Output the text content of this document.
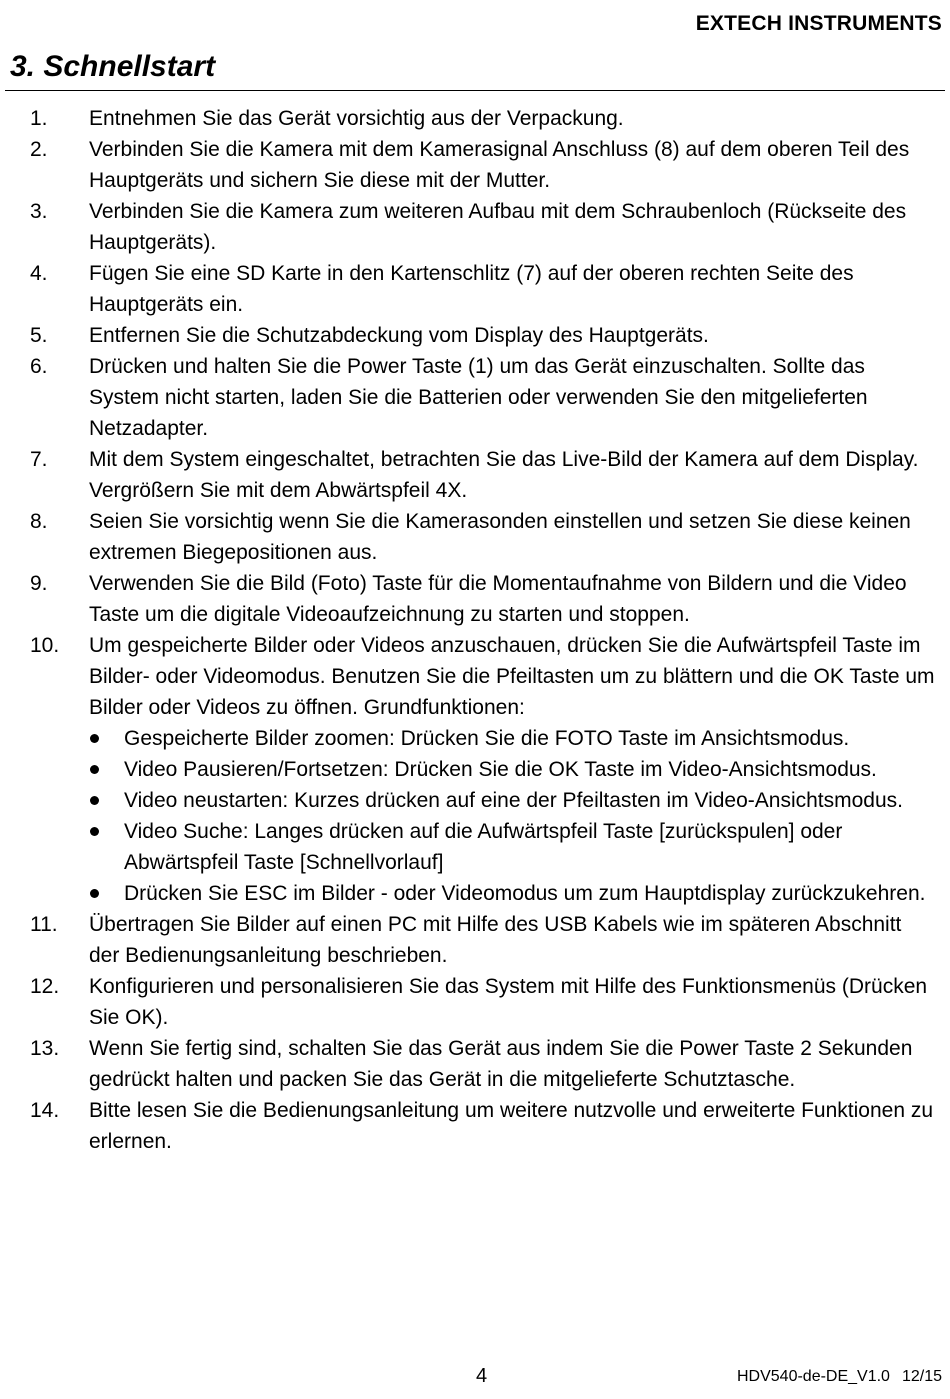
EXTECH INSTRUMENTS
3. Schnellstart
1. Entnehmen Sie das Gerät vorsichtig aus der Verpackung.
2. Verbinden Sie die Kamera mit dem Kamerasignal Anschluss (8) auf dem oberen Teil des Hauptgeräts und sichern Sie diese mit der Mutter.
3. Verbinden Sie die Kamera zum weiteren Aufbau mit dem Schraubenloch (Rückseite des Hauptgeräts).
4. Fügen Sie eine SD Karte in den Kartenschlitz (7) auf der oberen rechten Seite des Hauptgeräts ein.
5. Entfernen Sie die Schutzabdeckung vom Display des Hauptgeräts.
6. Drücken und halten Sie die Power Taste (1) um das Gerät einzuschalten. Sollte das System nicht starten, laden Sie die Batterien oder verwenden Sie den mitgelieferten Netzadapter.
7. Mit dem System eingeschaltet, betrachten Sie das Live-Bild der Kamera auf dem Display. Vergrößern Sie mit dem Abwärtspfeil 4X.
8. Seien Sie vorsichtig wenn Sie die Kamerasonden einstellen und setzen Sie diese keinen extremen Biegepositionen aus.
9. Verwenden Sie die Bild (Foto) Taste für die Momentaufnahme von Bildern und die Video Taste um die digitale Videoaufzeichnung zu starten und stoppen.
10. Um gespeicherte Bilder oder Videos anzuschauen, drücken Sie die Aufwärtspfeil Taste im Bilder- oder Videomodus. Benutzen Sie die Pfeiltasten um zu blättern und die OK Taste um Bilder oder Videos zu öffnen. Grundfunktionen:
Gespeicherte Bilder zoomen: Drücken Sie die FOTO Taste im Ansichtsmodus.
Video Pausieren/Fortsetzen: Drücken Sie die OK Taste im Video-Ansichtsmodus.
Video neustarten: Kurzes drücken auf eine der Pfeiltasten im Video-Ansichtsmodus.
Video Suche: Langes drücken auf die Aufwärtspfeil Taste [zurückspulen] oder Abwärtspfeil Taste [Schnellvorlauf]
Drücken Sie ESC im Bilder - oder Videomodus um zum Hauptdisplay zurückzukehren.
11. Übertragen Sie Bilder auf einen PC mit Hilfe des USB Kabels wie im späteren Abschnitt der Bedienungsanleitung beschrieben.
12. Konfigurieren und personalisieren Sie das System mit Hilfe des Funktionsmenüs (Drücken Sie OK).
13. Wenn Sie fertig sind, schalten Sie das Gerät aus indem Sie die Power Taste 2 Sekunden gedrückt halten und packen Sie das Gerät in die mitgelieferte Schutztasche.
14. Bitte lesen Sie die Bedienungsanleitung um weitere nutzvolle und erweiterte Funktionen zu erlernen.
4	HDV540-de-DE_V1.0 12/15
